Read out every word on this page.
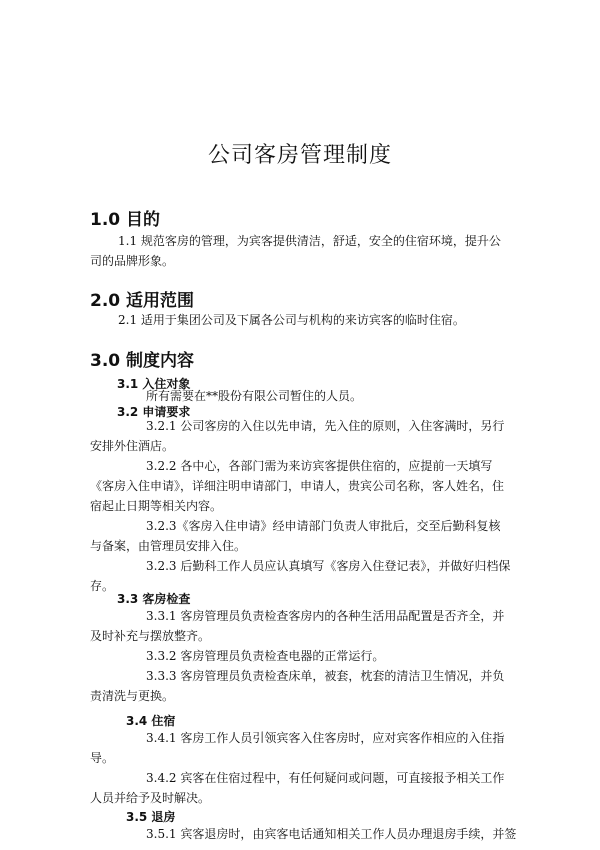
公司客房管理制度
1.0 目的

1.1 规范客房的管理，为宾客提供清洁，舒适，安全的住宿环境，提升公司的品牌形象。

2.0 适用范围

2.1 适用于集团公司及下属各公司与机构的来访宾客的临时住宿。

3.0 制度内容
3.1 入住对象

所有需要在**股份有限公司暂住的人员。

3.2 申请要求

3.2.1 公司客房的入住以先申请，先入住的原则，入住客满时，另行安排外住酒店。

3.2.2 各中心，各部门需为来访宾客提供住宿的，应提前一天填写《客房入住申请》，详细注明申请部门，申请人，贵宾公司名称，客人姓名，住宿起止日期等相关内容。

3.2.3《客房入住申请》经申请部门负责人审批后，交至后勤科复核与备案，由管理员安排入住。

3.2.3 后勤科工作人员应认真填写《客房入住登记表》，并做好归档保存。

3.3 客房检查

3.3.1 客房管理员负责检查客房内的各种生活用品配置是否齐全，并及时补充与摆放整齐。

3.3.2 客房管理员负责检查电器的正常运行。

3.3.3 客房管理员负责检查床单，被套，枕套的清洁卫生情况，并负责清洗与更换。

3.4 住宿

3.4.1 客房工作人员引领宾客入住客房时，应对宾客作相应的入住指导。

3.4.2 宾客在住宿过程中，有任何疑问或问题，可直接报予相关工作人员并给予及时解决。

3.5 退房

3.5.1 宾客退房时，由宾客电话通知相关工作人员办理退房手续，并签
